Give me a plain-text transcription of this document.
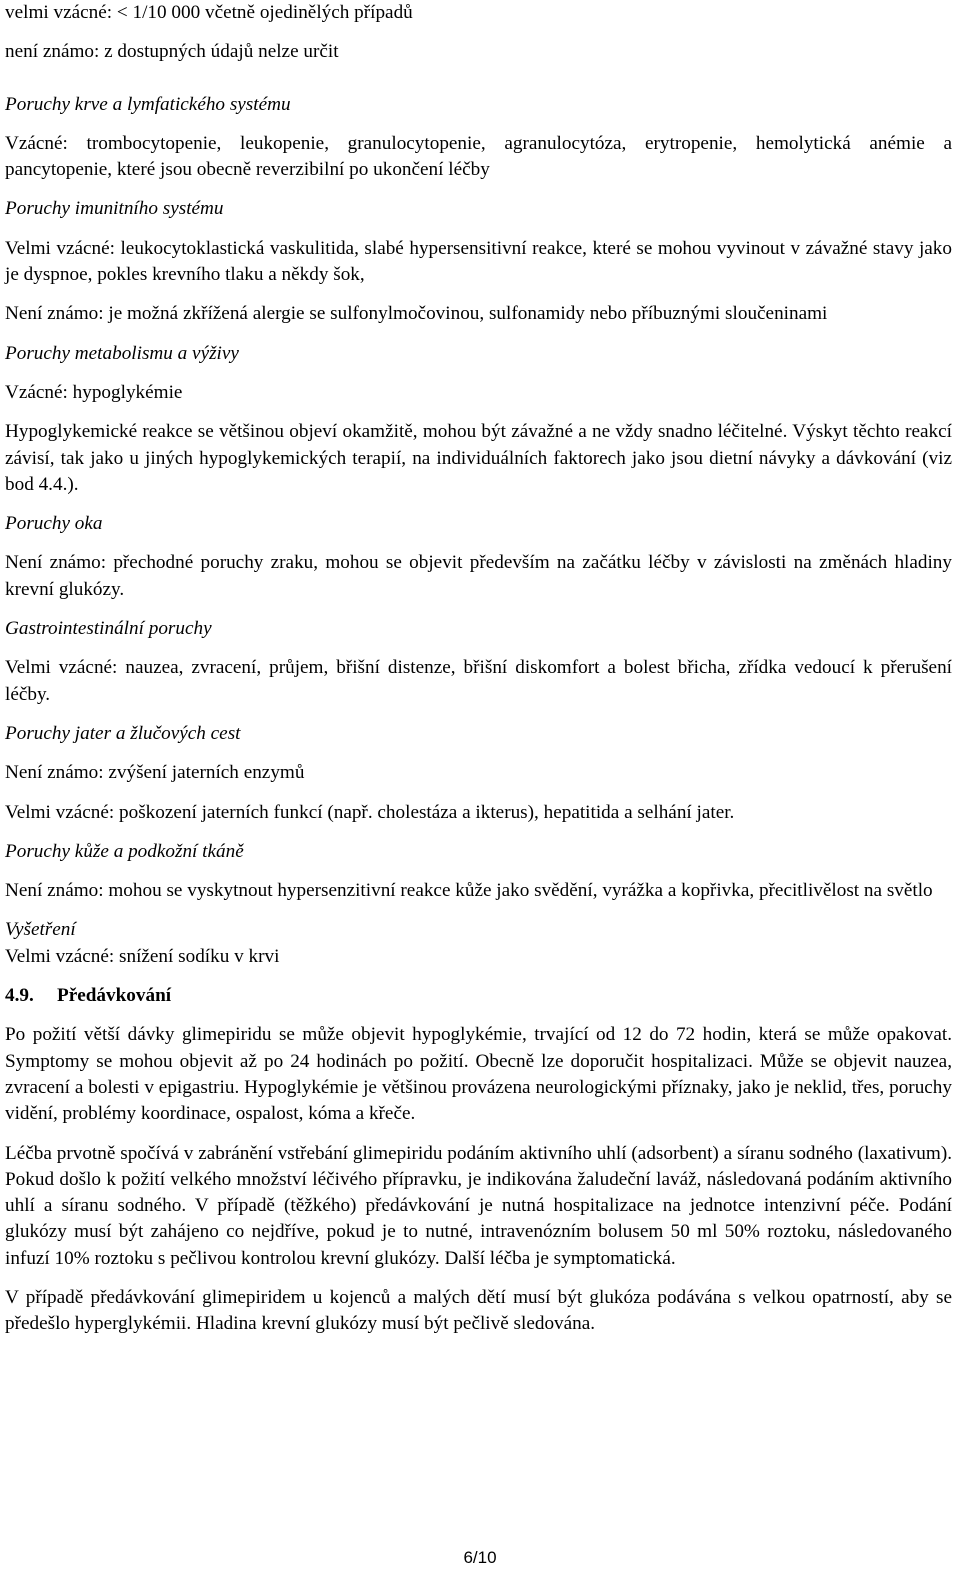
velmi vzácné: < 1/10 000 včetně ojedinělých případů

není známo: z dostupných údajů nelze určit

Poruchy krve a lymfatického systému

Vzácné: trombocytopenie, leukopenie, granulocytopenie, agranulocytóza, erytropenie, hemolytická anémie a pancytopenie, které jsou obecně reverzibilní po ukončení léčby

Poruchy imunitního systému

Velmi vzácné: leukocytoklastická vaskulitida, slabé hypersensitivní reakce, které se mohou vyvinout v závažné stavy jako je dyspnoe, pokles krevního tlaku a někdy šok,

Není známo: je možná zkřížená alergie se sulfonylmočovinou, sulfonamidy nebo příbuznými sloučeninami

Poruchy metabolismu a výživy

Vzácné: hypoglykémie

Hypoglykemické reakce se většinou objeví okamžitě, mohou být závažné a ne vždy snadno léčitelné. Výskyt těchto reakcí závisí, tak jako u jiných hypoglykemických terapií, na individuálních faktorech jako jsou dietní návyky a dávkování (viz bod 4.4.).

Poruchy oka

Není známo: přechodné poruchy zraku, mohou se objevit především na začátku léčby v závislosti na změnách hladiny krevní glukózy.

Gastrointestinální poruchy

Velmi vzácné: nauzea, zvracení, průjem, břišní distenze, břišní diskomfort a bolest břicha, zřídka vedoucí k přerušení léčby.

Poruchy jater a žlučových cest

Není známo: zvýšení jaterních enzymů

Velmi vzácné: poškození jaterních funkcí (např. cholestáza a ikterus), hepatitida a selhání jater.

Poruchy kůže a podkožní tkáně

Není známo: mohou se vyskytnout hypersenzitivní reakce kůže jako svědění, vyrážka a kopřivka, přecitlivělost na světlo

Vyšetření

Velmi vzácné: snížení sodíku v krvi

4.9. Předávkování

Po požití větší dávky glimepiridu se může objevit hypoglykémie, trvající od 12 do 72 hodin, která se může opakovat. Symptomy se mohou objevit až po 24 hodinách po požití. Obecně lze doporučit hospitalizaci. Může se objevit nauzea, zvracení a bolesti v epigastriu. Hypoglykémie je většinou provázena neurologickými příznaky, jako je neklid, třes, poruchy vidění, problémy koordinace, ospalost, kóma a křeče.

Léčba prvotně spočívá v zabránění vstřebání glimepiridu podáním aktivního uhlí (adsorbent) a síranu sodného (laxativum). Pokud došlo k požití velkého množství léčivého přípravku, je indikována žaludeční laváž, následovaná podáním aktivního uhlí a síranu sodného. V případě (těžkého) předávkování je nutná hospitalizace na jednotce intenzivní péče. Podání glukózy musí být zahájeno co nejdříve, pokud je to nutné, intravenózním bolusem 50 ml 50% roztoku, následovaného infuzí 10% roztoku s pečlivou kontrolou krevní glukózy. Další léčba je symptomatická.

V případě předávkování glimepiridem u kojenců a malých dětí musí být glukóza podávána s velkou opatrností, aby se předešlo hyperglykémii. Hladina krevní glukózy musí být pečlivě sledována.

6/10
